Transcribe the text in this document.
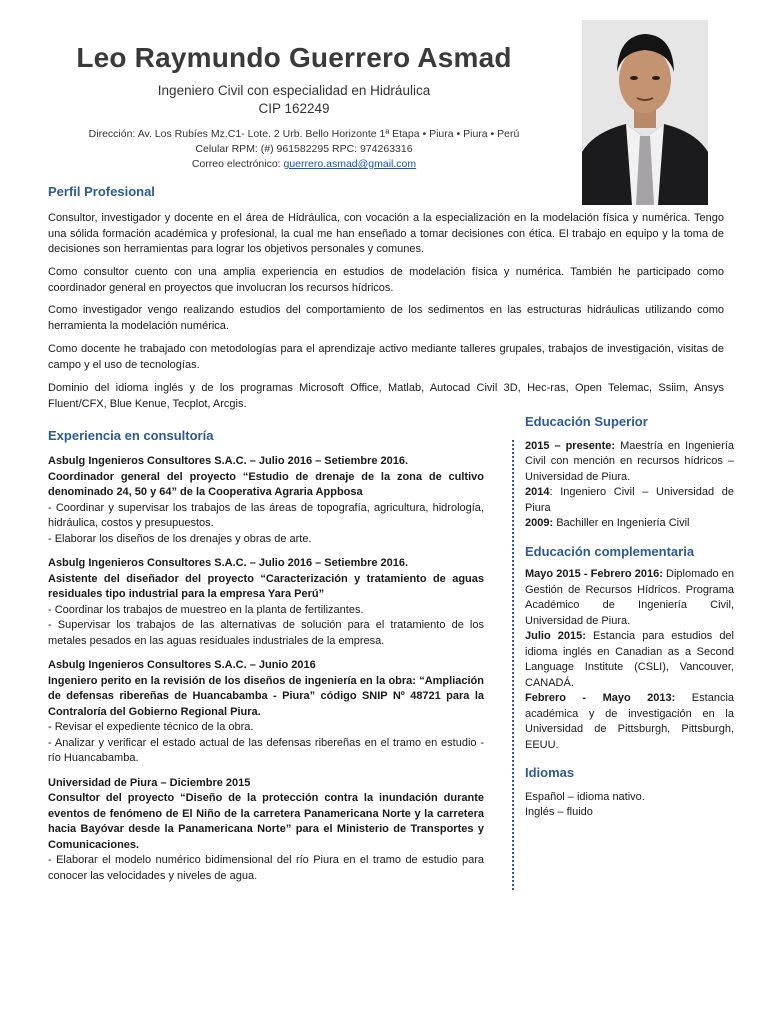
Leo Raymundo Guerrero Asmad
Ingeniero Civil con especialidad en Hidráulica
CIP 162249
Dirección: Av. Los Rubíes Mz.C1- Lote. 2 Urb. Bello Horizonte 1ª Etapa • Piura • Piura • Perú
Celular RPM: (#) 961582295 RPC: 974263316
Correo electrónico: guerrero.asmad@gmail.com
Perfil Profesional
Consultor, investigador y docente en el área de Hidráulica, con vocación a la especialización en la modelación física y numérica. Tengo una sólida formación académica y profesional, la cual me han enseñado a tomar decisiones con ética. El trabajo en equipo y la toma de decisiones son herramientas para lograr los objetivos personales y comunes.
Como consultor cuento con una amplia experiencia en estudios de modelación física y numérica. También he participado como coordinador general en proyectos que involucran los recursos hídricos.
Como investigador vengo realizando estudios del comportamiento de los sedimentos en las estructuras hidráulicas utilizando como herramienta la modelación numérica.
Como docente he trabajado con metodologías para el aprendizaje activo mediante talleres grupales, trabajos de investigación, visitas de campo y el uso de tecnologías.
Dominio del idioma inglés y de los programas Microsoft Office, Matlab, Autocad Civil 3D, Hec-ras, Open Telemac, Ssiim, Ansys Fluent/CFX, Blue Kenue, Tecplot, Arcgis.
Experiencia en consultoría

Asbulg Ingenieros Consultores S.A.C. – Julio 2016 – Setiembre 2016.

Coordinador general del proyecto “Estudio de drenaje de la zona de cultivo denominado 24, 50 y 64” de la Cooperativa Agraria Appbosa

- Coordinar y supervisar los trabajos de las áreas de topografía, agricultura, hidrología, hidráulica, costos y presupuestos.

- Elaborar los diseños de los drenajes y obras de arte.

Asbulg Ingenieros Consultores S.A.C. – Julio 2016 – Setiembre 2016.

Asistente del diseñador del proyecto “Caracterización y tratamiento de aguas residuales tipo industrial para la empresa Yara Perú”

- Coordinar los trabajos de muestreo en la planta de fertilizantes.

- Supervisar los trabajos de las alternativas de solución para el tratamiento de los metales pesados en las aguas residuales industriales de la empresa.

Asbulg Ingenieros Consultores S.A.C. – Junio 2016

Ingeniero perito en la revisión de los diseños de ingeniería en la obra: “Ampliación de defensas ribereñas de Huancabamba - Piura” código SNIP Nº 48721 para la Contraloría del Gobierno Regional Piura.

- Revisar el expediente técnico de la obra.

- Analizar y verificar el estado actual de las defensas ribereñas en el tramo en estudio - río Huancabamba.

Universidad de Piura – Diciembre 2015

Consultor del proyecto “Diseño de la protección contra la inundación durante eventos de fenómeno de El Niño de la carretera Panamericana Norte y la carretera hacia Bayóvar desde la Panamericana Norte” para el Ministerio de Transportes y Comunicaciones.

- Elaborar el modelo numérico bidimensional del río Piura en el tramo de estudio para conocer las velocidades y niveles de agua.

Educación Superior

2015 – presente: Maestría en Ingeniería Civil con mención en recursos hídricos – Universidad de Piura.

2014: Ingeniero Civil – Universidad de Piura

2009: Bachiller en Ingeniería Civil

Educación complementaria

Mayo 2015 - Febrero 2016: Diplomado en Gestión de Recursos Hídricos. Programa Académico de Ingeniería Civil, Universidad de Piura.

Julio 2015: Estancia para estudios del idioma inglés en Canadian as a Second Language Institute (CSLI), Vancouver, CANADÁ.

Febrero - Mayo 2013: Estancia académica y de investigación en la Universidad de Pittsburgh, Pittsburgh, EEUU.

Idiomas

Español – idioma nativo.

Inglés – fluido
